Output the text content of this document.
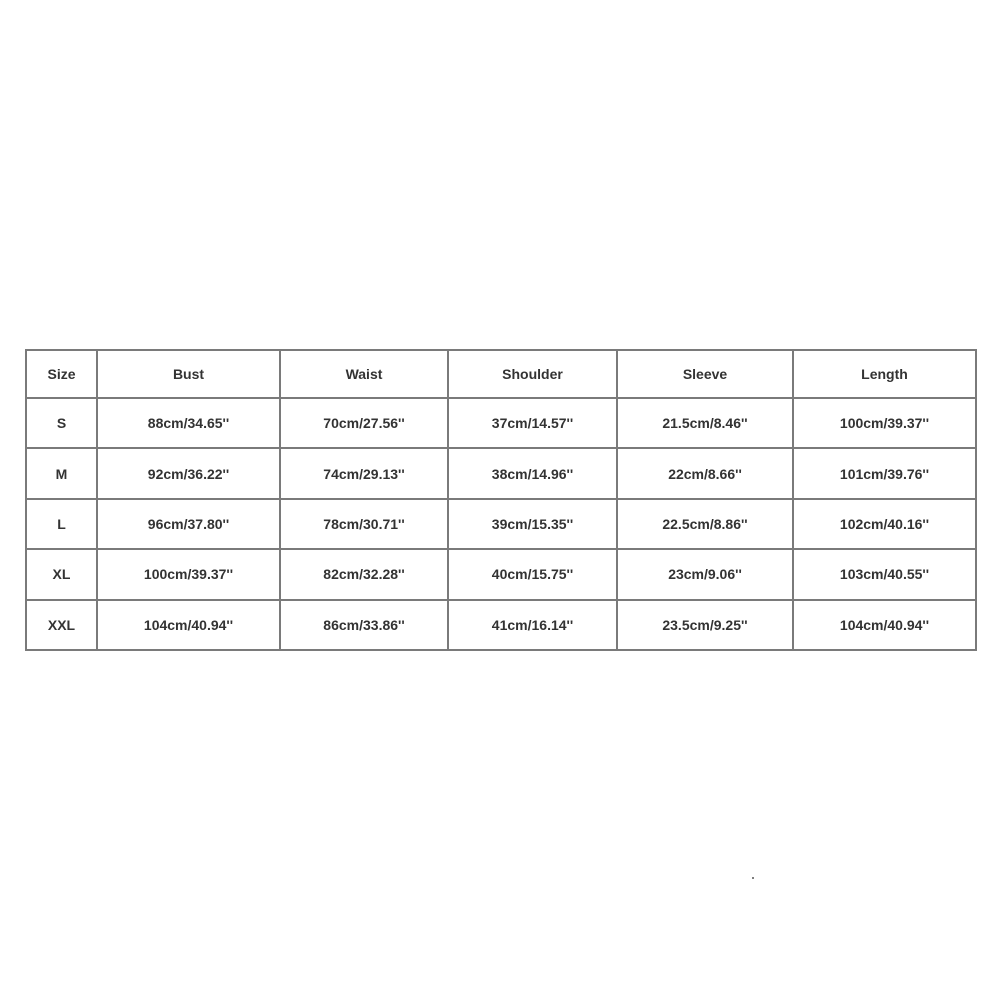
Size	Bust	Waist	Shoulder	Sleeve	Length
S	88cm/34.65''	70cm/27.56''	37cm/14.57''	21.5cm/8.46''	100cm/39.37''
M	92cm/36.22''	74cm/29.13''	38cm/14.96''	22cm/8.66''	101cm/39.76''
L	96cm/37.80''	78cm/30.71''	39cm/15.35''	22.5cm/8.86''	102cm/40.16''
XL	100cm/39.37''	82cm/32.28''	40cm/15.75''	23cm/9.06''	103cm/40.55''
XXL	104cm/40.94''	86cm/33.86''	41cm/16.14''	23.5cm/9.25''	104cm/40.94''
